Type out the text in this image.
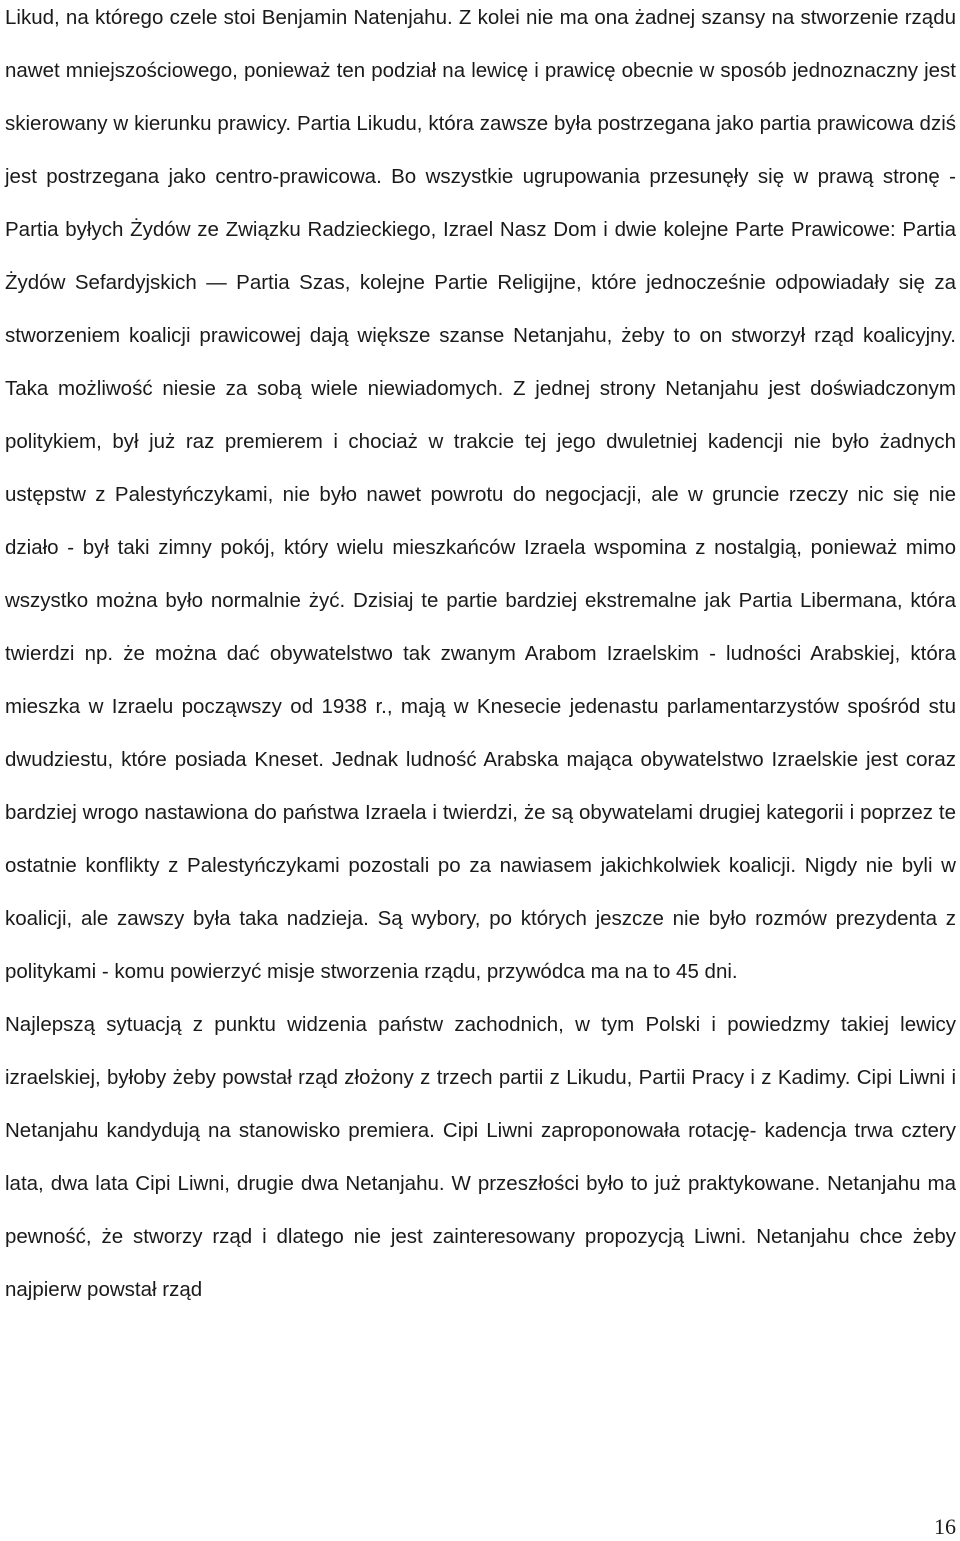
Likud, na którego czele stoi Benjamin Natenjahu. Z kolei nie ma ona żadnej szansy na stworzenie rządu nawet mniejszościowego, ponieważ ten podział na lewicę i prawicę obecnie w sposób jednoznaczny jest skierowany w kierunku prawicy. Partia Likudu, która zawsze była postrzegana jako partia prawicowa dziś jest postrzegana jako centro-prawicowa. Bo wszystkie ugrupowania przesunęły się w prawą stronę - Partia byłych Żydów ze Związku Radzieckiego, Izrael Nasz Dom i dwie kolejne Parte Prawicowe: Partia Żydów Sefardyjskich — Partia Szas, kolejne Partie Religijne, które jednocześnie odpowiadały się za stworzeniem koalicji prawicowej dają większe szanse Netanjahu, żeby to on stworzył rząd koalicyjny. Taka możliwość niesie za sobą wiele niewiadomych. Z jednej strony Netanjahu jest doświadczonym politykiem, był już raz premierem i chociaż w trakcie tej jego dwuletniej kadencji nie było żadnych ustępstw z Palestyńczykami, nie było nawet powrotu do negocjacji, ale w gruncie rzeczy nic się nie działo - był taki zimny pokój, który wielu mieszkańców Izraela wspomina z nostalgią, ponieważ mimo wszystko można było normalnie żyć. Dzisiaj te partie bardziej ekstremalne jak Partia Libermana, która twierdzi np. że można dać obywatelstwo tak zwanym Arabom Izraelskim - ludności Arabskiej, która mieszka w Izraelu począwszy od 1938 r., mają w Knesecie jedenastu parlamentarzystów spośród stu dwudziestu, które posiada Kneset. Jednak ludność Arabska mająca obywatelstwo Izraelskie jest coraz bardziej wrogo nastawiona do państwa Izraela i twierdzi, że są obywatelami drugiej kategorii i poprzez te ostatnie konflikty z Palestyńczykami pozostali po za nawiasem jakichkolwiek koalicji. Nigdy nie byli w koalicji, ale zawszy była taka nadzieja. Są wybory, po których jeszcze nie było rozmów prezydenta z politykami - komu powierzyć misje stworzenia rządu, przywódca ma na to 45 dni.

Najlepszą sytuacją z punktu widzenia państw zachodnich, w tym Polski i powiedzmy takiej lewicy izraelskiej, byłoby żeby powstał rząd złożony z trzech partii z Likudu, Partii Pracy i z Kadimy. Cipi Liwni i Netanjahu kandydują na stanowisko premiera. Cipi Liwni zaproponowała rotację- kadencja trwa cztery lata, dwa lata Cipi Liwni, drugie dwa Netanjahu. W przeszłości było to już praktykowane. Netanjahu ma pewność, że stworzy rząd i dlatego nie jest zainteresowany propozycją Liwni. Netanjahu chce żeby najpierw powstał rząd

16
